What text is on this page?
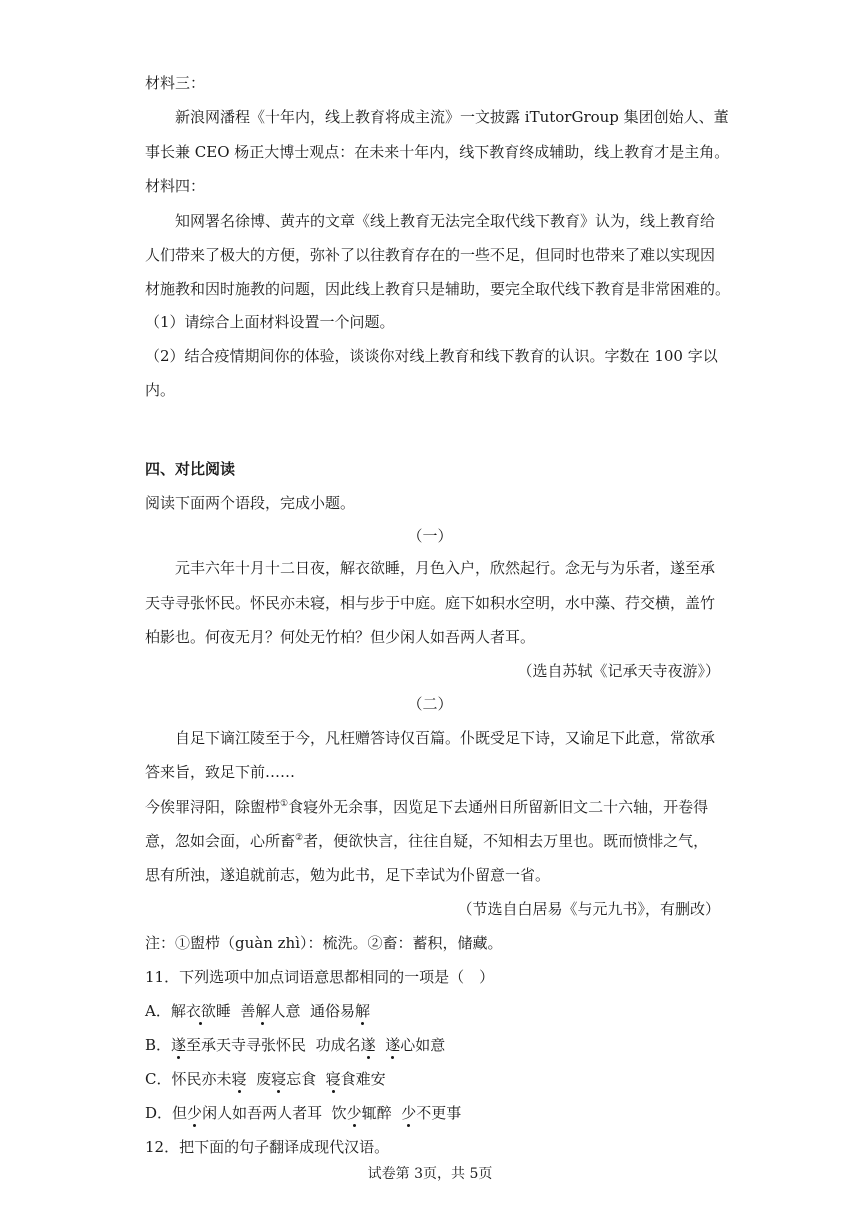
材料三：
新浪网潘程《十年内，线上教育将成主流》一文披露 iTutorGroup 集团创始人、董
事长兼 CEO 杨正大博士观点：在未来十年内，线下教育终成辅助，线上教育才是主角。
材料四：
知网署名徐博、黄卉的文章《线上教育无法完全取代线下教育》认为，线上教育给
人们带来了极大的方便，弥补了以往教育存在的一些不足，但同时也带来了难以实现因
材施教和因时施教的问题，因此线上教育只是辅助，要完全取代线下教育是非常困难的。
（1）请综合上面材料设置一个问题。
（2）结合疫情期间你的体验，谈谈你对线上教育和线下教育的认识。字数在 100 字以
内。
四、对比阅读
阅读下面两个语段，完成小题。
（一）
元丰六年十月十二日夜，解衣欲睡，月色入户，欣然起行。念无与为乐者，遂至承
天寺寻张怀民。怀民亦未寝，相与步于中庭。庭下如积水空明，水中藻、荇交横，盖竹
柏影也。何夜无月？何处无竹柏？但少闲人如吾两人者耳。
（选自苏轼《记承天寺夜游》）
（二）
自足下谪江陵至于今，凡枉赠答诗仅百篇。仆既受足下诗，又谕足下此意，常欲承
答来旨，致足下前……
今俟罪浔阳，除盥栉①食寝外无余事，因览足下去通州日所留新旧文二十六轴，开卷得
意，忽如会面，心所畜②者，便欲快言，往往自疑，不知相去万里也。既而愤悱之气，
思有所浊，遂追就前志，勉为此书，足下幸试为仆留意一省。
（节选自白居易《与元九书》，有删改）
注：①盥栉（guàn zhì）：梳洗。②畜：蓄积，储藏。
11．下列选项中加点词语意思都相同的一项是（　）
A．解衣欲睡 善解人意 通俗易解
B．遂至承天寺寻张怀民 功成名遂 遂心如意
C．怀民亦未寝 废寝忘食 寝食难安
D．但少闲人如吾两人者耳 饮少辄醉 少不更事
12．把下面的句子翻译成现代汉语。
试卷第 3页，共 5页
